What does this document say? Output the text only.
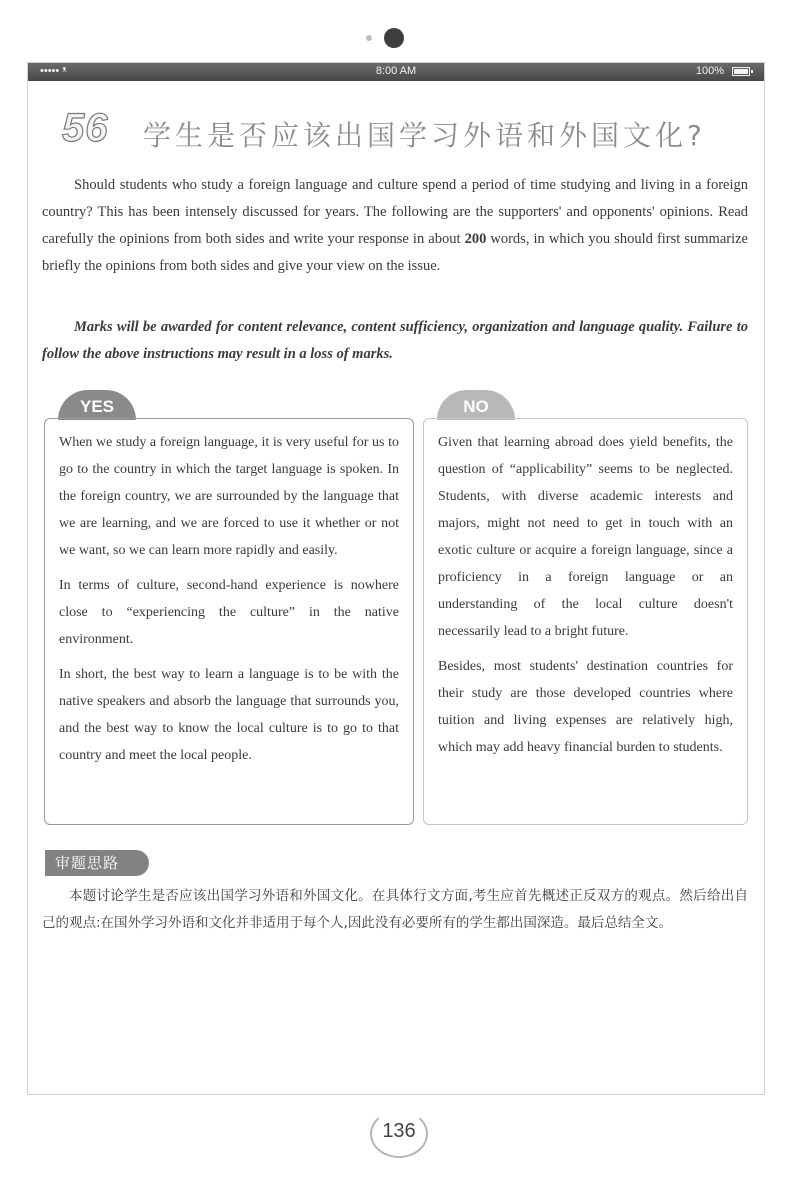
••••• ᵜ	8:00 AM	100%
56 学生是否应该出国学习外语和外国文化?

Should students who study a foreign language and culture spend a period of time studying and living in a foreign country? This has been intensely discussed for years. The following are the supporters' and opponents' opinions. Read carefully the opinions from both sides and write your response in about 200 words, in which you should first summarize briefly the opinions from both sides and give your view on the issue.

Marks will be awarded for content relevance, content sufficiency, organization and language quality. Failure to follow the above instructions may result in a loss of marks.

YES	NO

When we study a foreign language, it is very useful for us to go to the country in which the target language is spoken. In the foreign country, we are surrounded by the language that we are learning, and we are forced to use it whether or not we want, so we can learn more rapidly and easily.

In terms of culture, second-hand experience is nowhere close to “experiencing the culture” in the native environment.

In short, the best way to learn a language is to be with the native speakers and absorb the language that surrounds you, and the best way to know the local culture is to go to that country and meet the local people.

Given that learning abroad does yield benefits, the question of “applicability” seems to be neglected. Students, with diverse academic interests and majors, might not need to get in touch with an exotic culture or acquire a foreign language, since a proficiency in a foreign language or an understanding of the local culture doesn't necessarily lead to a bright future.

Besides, most students' destination countries for their study are those developed countries where tuition and living expenses are relatively high, which may add heavy financial burden to students.

审题思路

本题讨论学生是否应该出国学习外语和外国文化。在具体行文方面,考生应首先概述正反双方的观点。然后给出自己的观点:在国外学习外语和文化并非适用于每个人,因此没有必要所有的学生都出国深造。最后总结全文。

136
